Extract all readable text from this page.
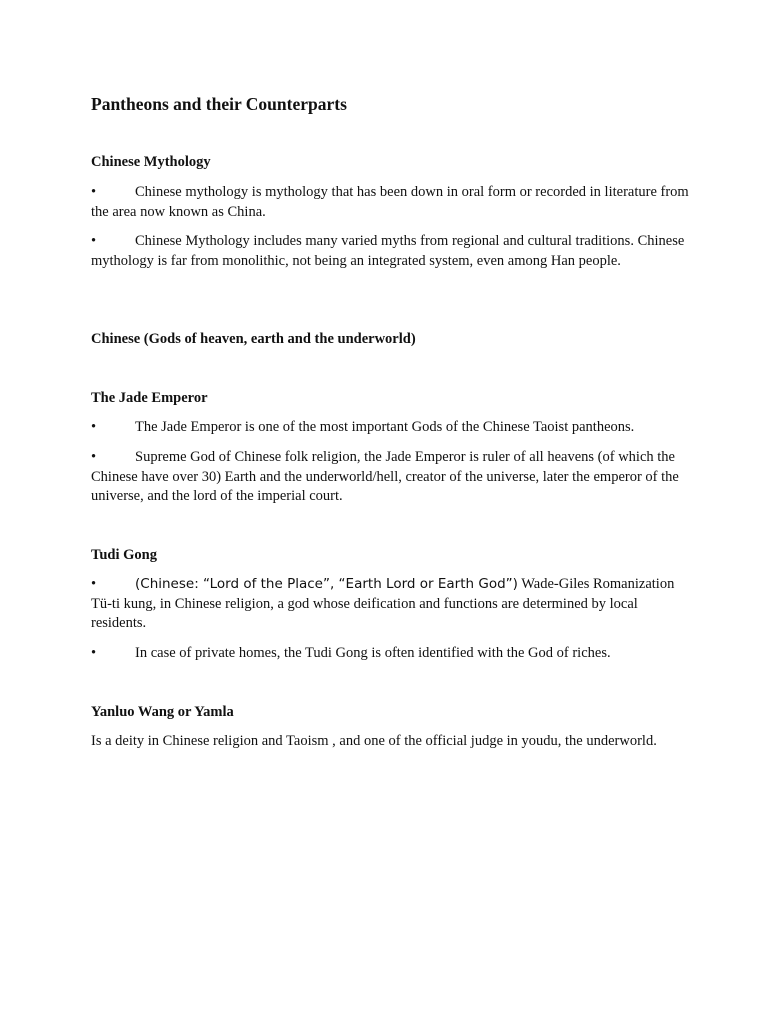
Pantheons and their Counterparts
Chinese Mythology

•	Chinese mythology is mythology that has been down in oral form or recorded in literature from the area now known as China.

•	Chinese Mythology includes many varied myths from regional and cultural traditions. Chinese mythology is far from monolithic, not being an integrated system, even among Han people.

Chinese (Gods of heaven, earth and the underworld)
The Jade Emperor

•	The Jade Emperor is one of the most important Gods of the Chinese Taoist pantheons.

•	Supreme God of Chinese folk religion, the Jade Emperor is ruler of all heavens (of which the Chinese have over 30) Earth and the underworld/hell, creator of the universe, later the emperor of the universe, and the lord of the imperial court.

Tudi Gong

•	(Chinese: “Lord of the Place”, “Earth Lord or Earth God”) Wade-Giles Romanization Tü-ti kung, in Chinese religion, a god whose deification and functions are determined by local residents.

•	In case of private homes, the Tudi Gong is often identified with the God of riches.

Yanluo Wang or Yamla

Is a deity in Chinese religion and Taoism , and one of the official judge in youdu, the underworld.
